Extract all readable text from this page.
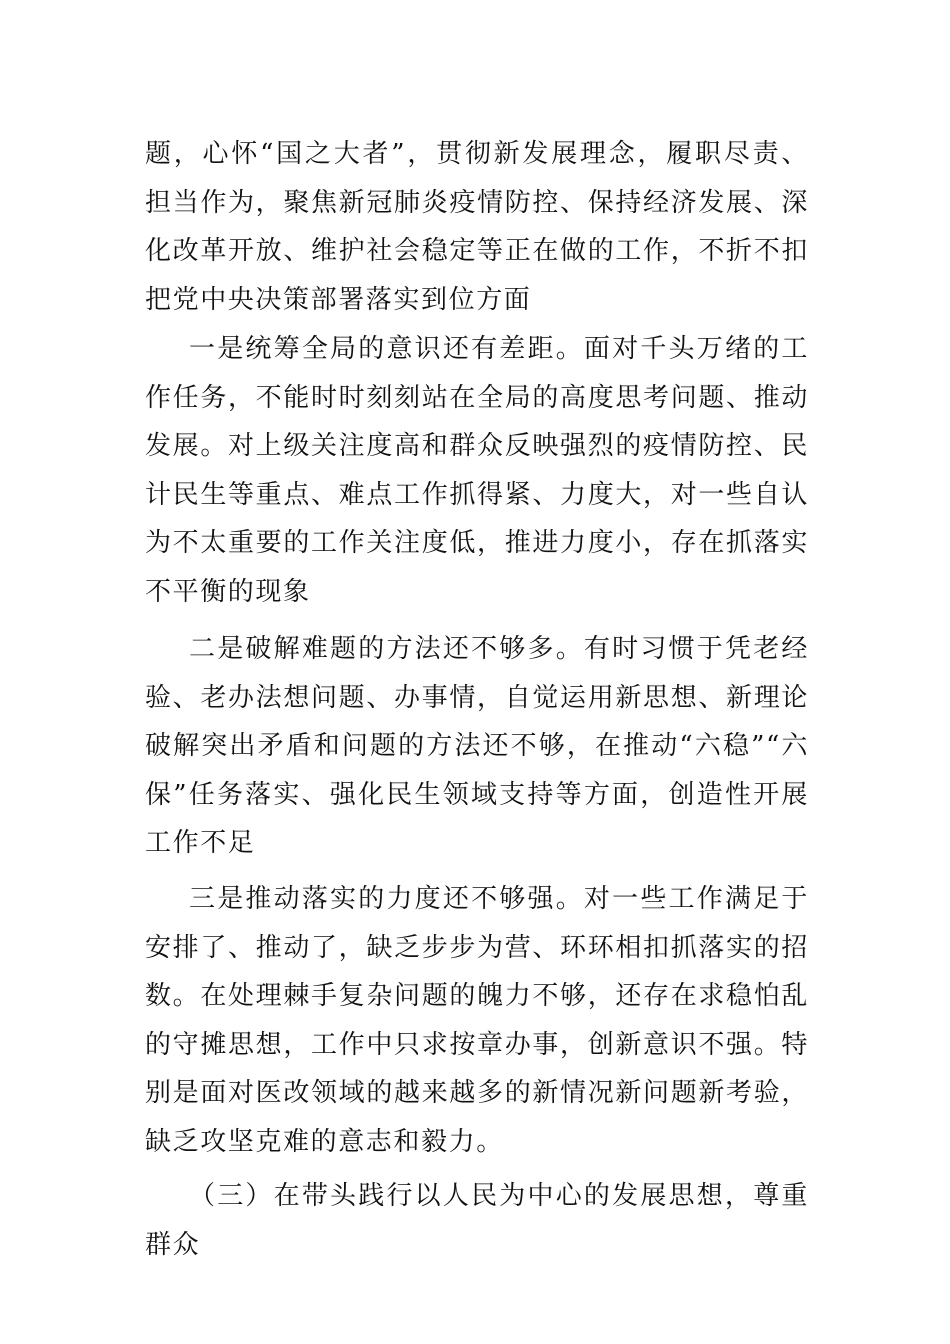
题，心怀“国之大者”，贯彻新发展理念，履职尽责、担当作为，聚焦新冠肺炎疫情防控、保持经济发展、深化改革开放、维护社会稳定等正在做的工作，不折不扣把党中央决策部署落实到位方面

一是统筹全局的意识还有差距。面对千头万绪的工作任务，不能时时刻刻站在全局的高度思考问题、推动发展。对上级关注度高和群众反映强烈的疫情防控、民计民生等重点、难点工作抓得紧、力度大，对一些自认为不太重要的工作关注度低，推进力度小，存在抓落实不平衡的现象

二是破解难题的方法还不够多。有时习惯于凭老经验、老办法想问题、办事情，自觉运用新思想、新理论破解突出矛盾和问题的方法还不够，在推动“六稳”“六保”任务落实、强化民生领域支持等方面，创造性开展工作不足

三是推动落实的力度还不够强。对一些工作满足于安排了、推动了，缺乏步步为营、环环相扣抓落实的招数。在处理棘手复杂问题的魄力不够，还存在求稳怕乱的守摊思想，工作中只求按章办事，创新意识不强。特别是面对医改领域的越来越多的新情况新问题新考验，缺乏攻坚克难的意志和毅力。

（三）在带头践行以人民为中心的发展思想，尊重群众
